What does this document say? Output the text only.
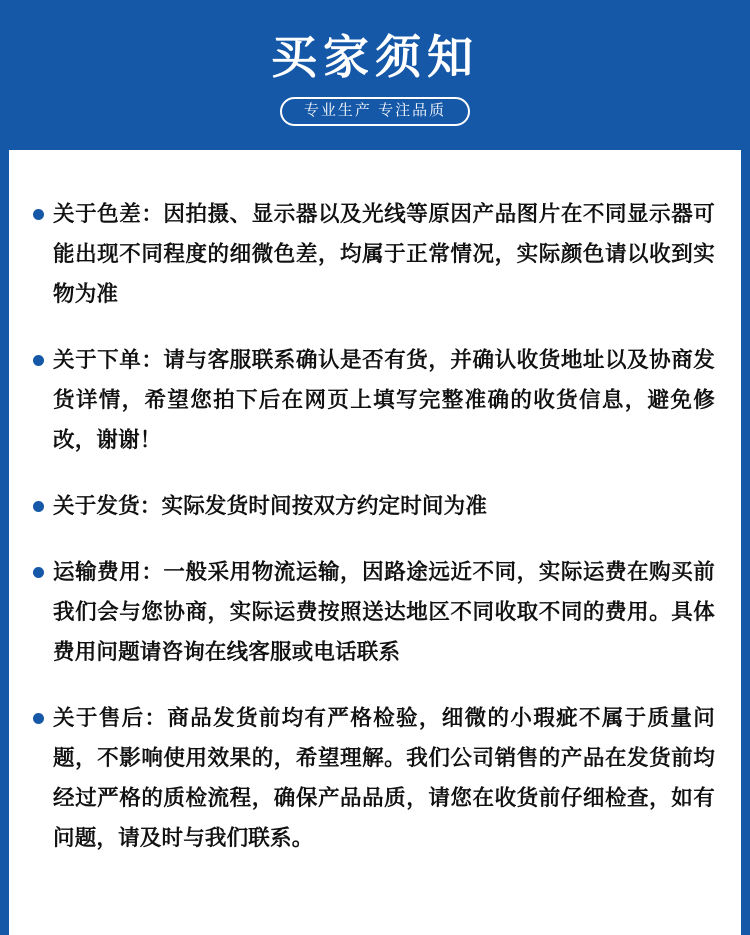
买家须知
专业生产 专注品质
关于色差：因拍摄、显示器以及光线等原因产品图片在不同显示器可能出现不同程度的细微色差，均属于正常情况，实际颜色请以收到实物为准
关于下单：请与客服联系确认是否有货，并确认收货地址以及协商发货详情，希望您拍下后在网页上填写完整准确的收货信息，避免修改，谢谢！
关于发货：实际发货时间按双方约定时间为准
运输费用：一般采用物流运输，因路途远近不同，实际运费在购买前我们会与您协商，实际运费按照送达地区不同收取不同的费用。具体费用问题请咨询在线客服或电话联系
关于售后：商品发货前均有严格检验，细微的小瑕疵不属于质量问题，不影响使用效果的，希望理解。我们公司销售的产品在发货前均经过严格的质检流程，确保产品品质，请您在收货前仔细检查，如有问题，请及时与我们联系。
